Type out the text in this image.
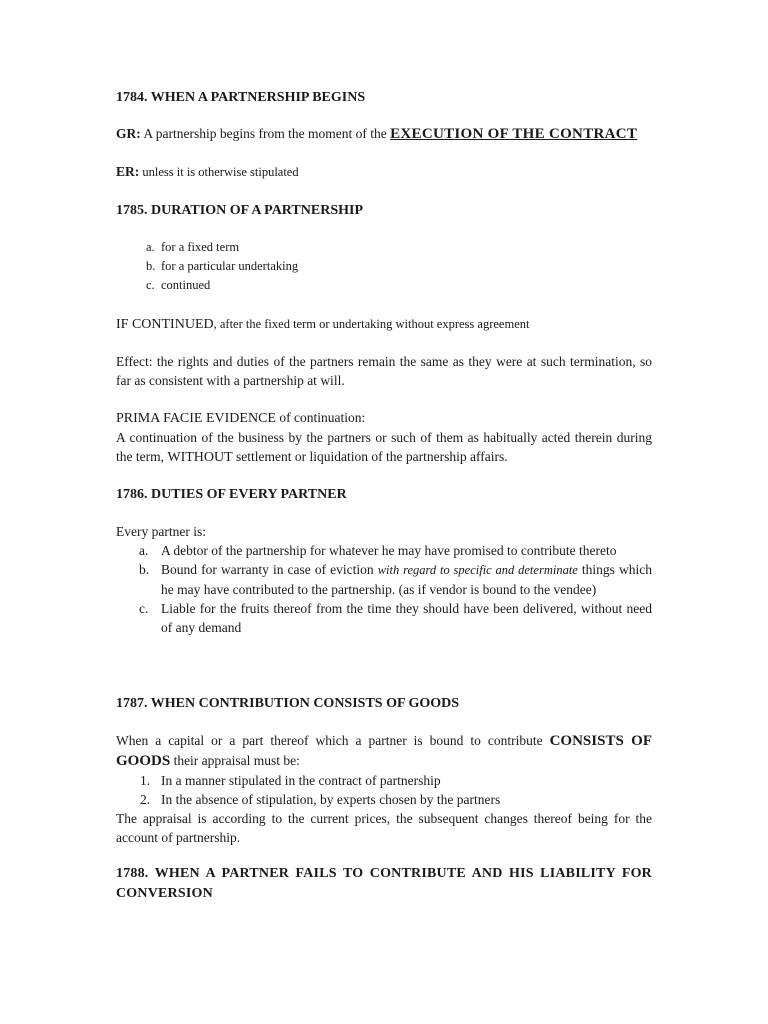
1784. WHEN A PARTNERSHIP BEGINS

GR: A partnership begins from the moment of the EXECUTION OF THE CONTRACT

ER: unless it is otherwise stipulated

1785. DURATION OF A PARTNERSHIP
a. for a fixed term
b. for a particular undertaking
c. continued

IF CONTINUED, after the fixed term or undertaking without express agreement

Effect: the rights and duties of the partners remain the same as they were at such termination, so far as consistent with a partnership at will.

PRIMA FACIE EVIDENCE of continuation:

A continuation of the business by the partners or such of them as habitually acted therein during the term, WITHOUT settlement or liquidation of the partnership affairs.

1786. DUTIES OF EVERY PARTNER

Every partner is:

a. A debtor of the partnership for whatever he may have promised to contribute thereto
b. Bound for warranty in case of eviction with regard to specific and determinate things which he may have contributed to the partnership. (as if vendor is bound to the vendee)
c. Liable for the fruits thereof from the time they should have been delivered, without need of any demand
1787. WHEN CONTRIBUTION CONSISTS OF GOODS

When a capital or a part thereof which a partner is bound to contribute CONSISTS OF GOODS their appraisal must be:

1. In a manner stipulated in the contract of partnership
2. In the absence of stipulation, by experts chosen by the partners

The appraisal is according to the current prices, the subsequent changes thereof being for the account of partnership.

1788. WHEN A PARTNER FAILS TO CONTRIBUTE AND HIS LIABILITY FOR CONVERSION
